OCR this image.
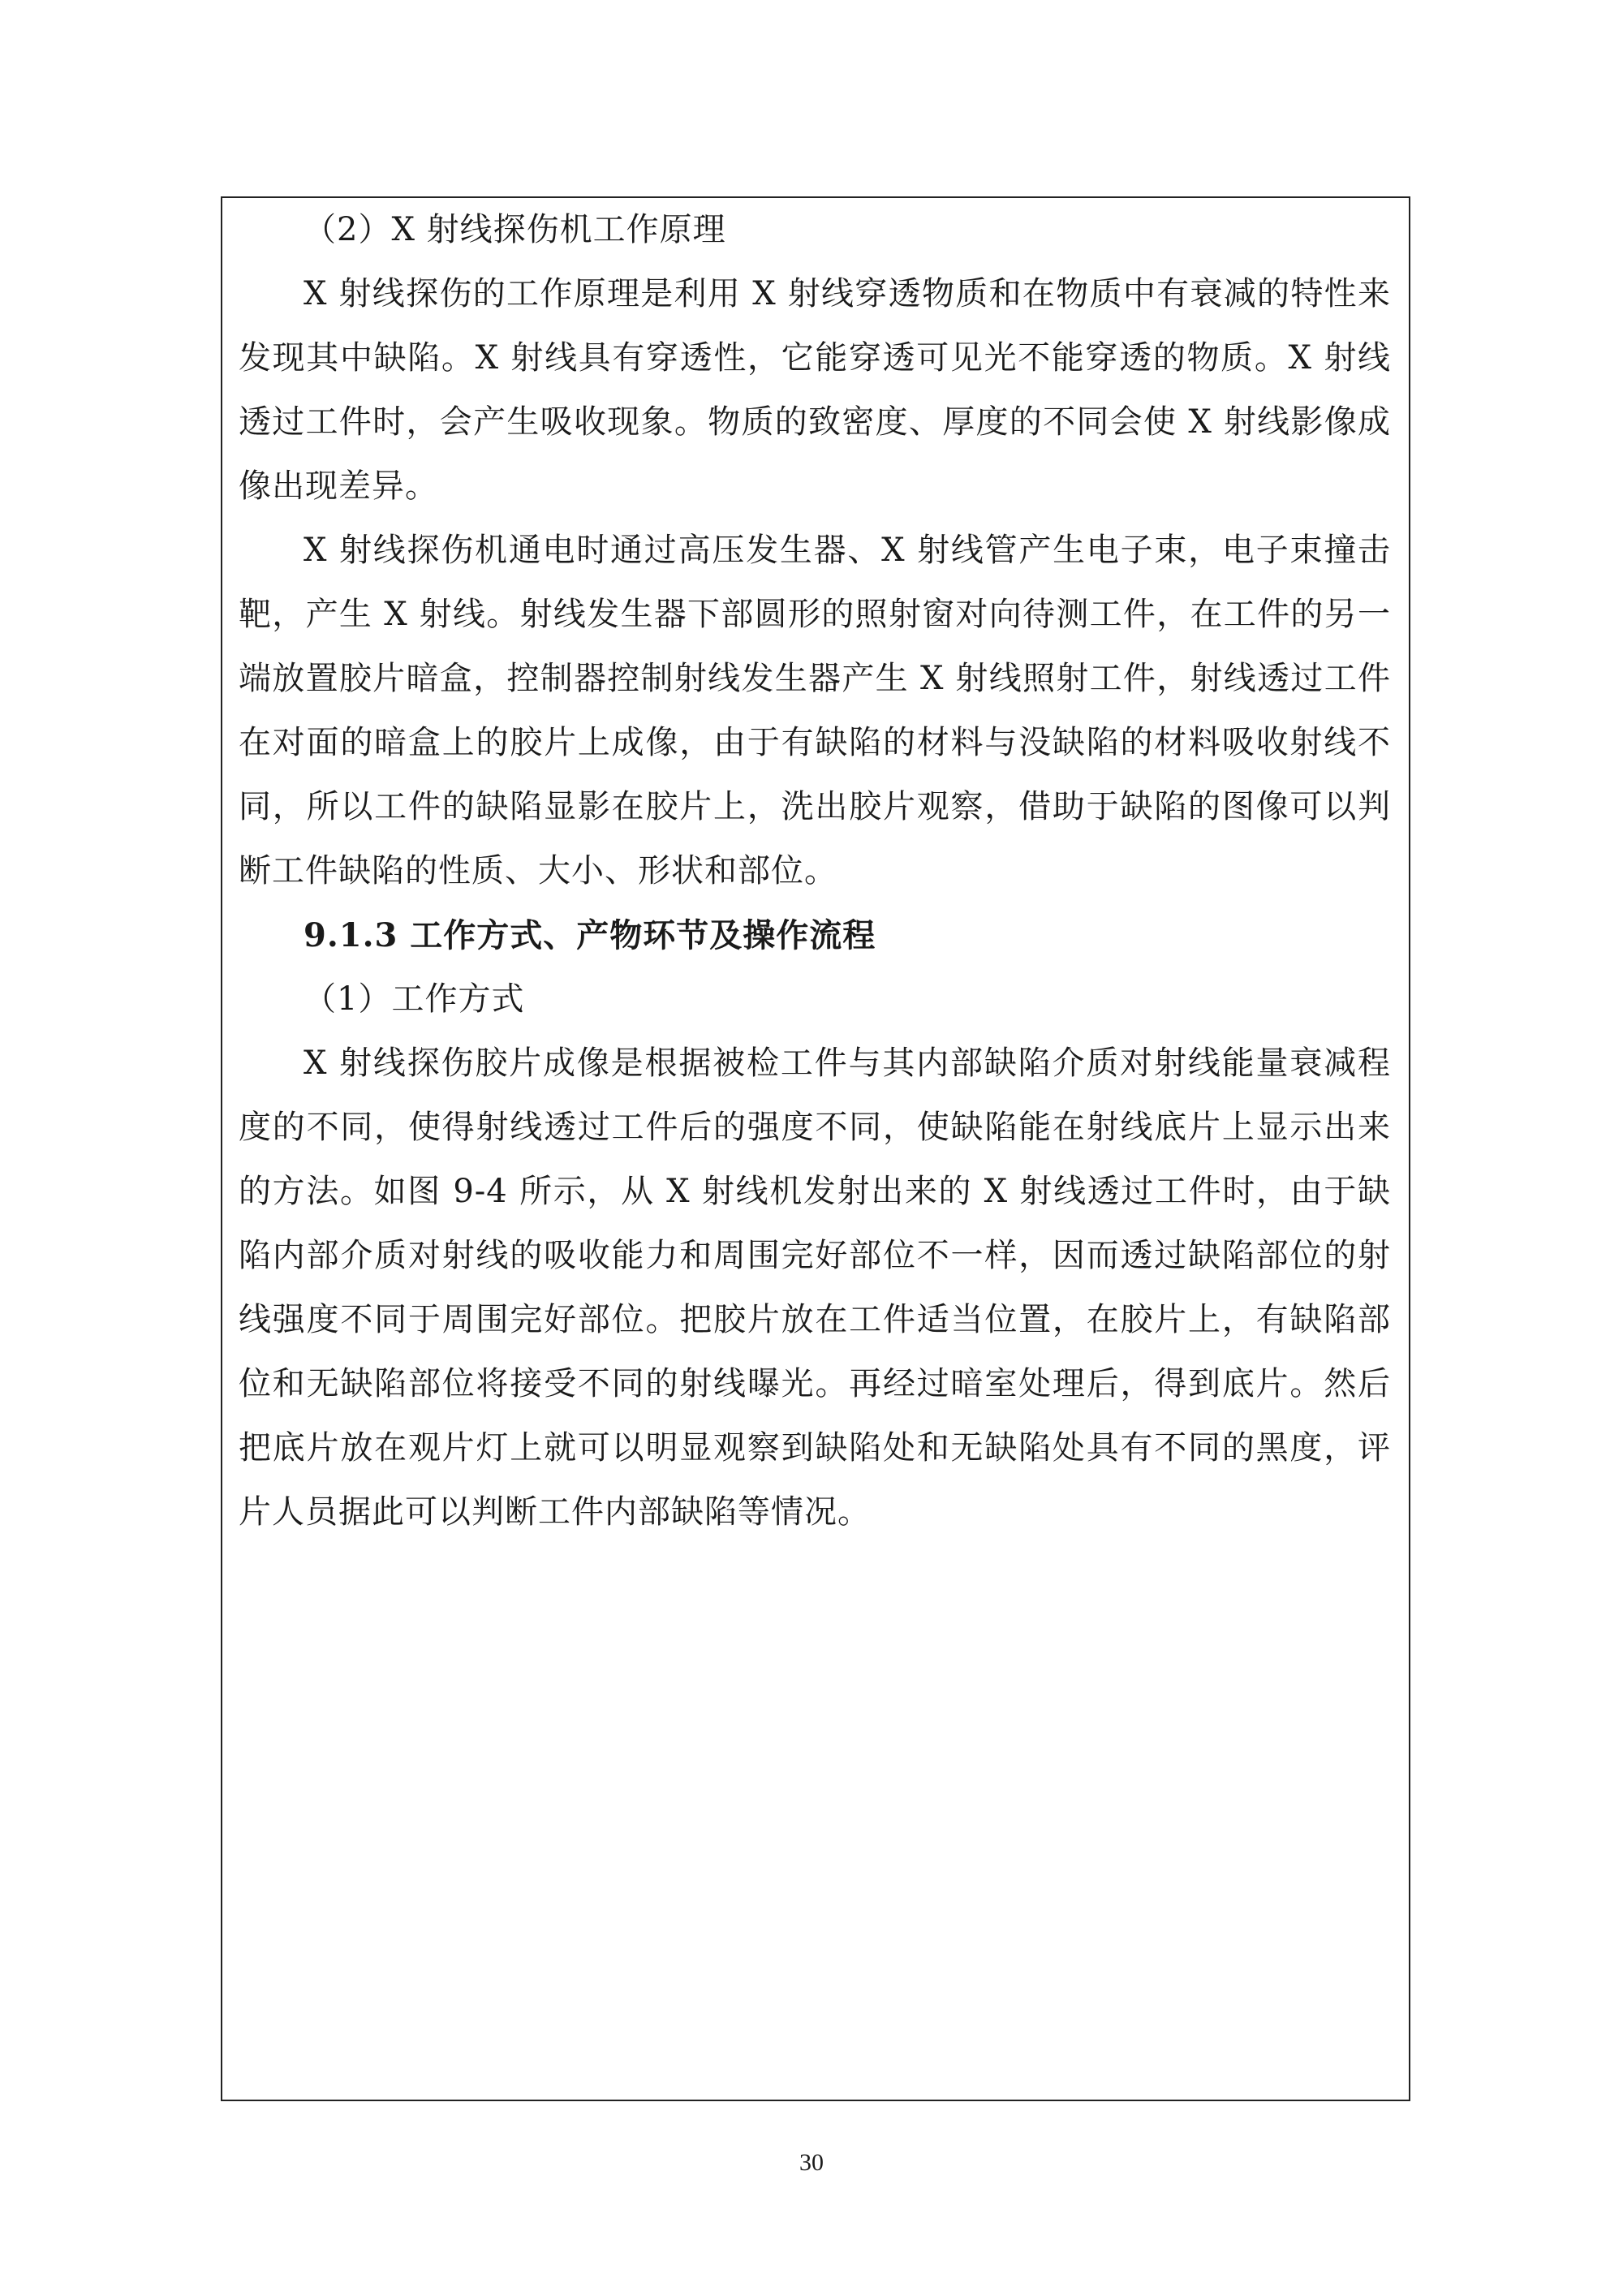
（2）X 射线探伤机工作原理

X 射线探伤的工作原理是利用 X 射线穿透物质和在物质中有衰减的特性来发现其中缺陷。X 射线具有穿透性，它能穿透可见光不能穿透的物质。X 射线透过工件时，会产生吸收现象。物质的致密度、厚度的不同会使 X 射线影像成像出现差异。

X 射线探伤机通电时通过高压发生器、X 射线管产生电子束，电子束撞击靶，产生 X 射线。射线发生器下部圆形的照射窗对向待测工件，在工件的另一端放置胶片暗盒，控制器控制射线发生器产生 X 射线照射工件，射线透过工件在对面的暗盒上的胶片上成像，由于有缺陷的材料与没缺陷的材料吸收射线不同，所以工件的缺陷显影在胶片上，洗出胶片观察，借助于缺陷的图像可以判断工件缺陷的性质、大小、形状和部位。

9.1.3 工作方式、产物环节及操作流程

（1）工作方式

X 射线探伤胶片成像是根据被检工件与其内部缺陷介质对射线能量衰减程度的不同，使得射线透过工件后的强度不同，使缺陷能在射线底片上显示出来的方法。如图 9-4 所示，从 X 射线机发射出来的 X 射线透过工件时，由于缺陷内部介质对射线的吸收能力和周围完好部位不一样，因而透过缺陷部位的射线强度不同于周围完好部位。把胶片放在工件适当位置，在胶片上，有缺陷部位和无缺陷部位将接受不同的射线曝光。再经过暗室处理后，得到底片。然后把底片放在观片灯上就可以明显观察到缺陷处和无缺陷处具有不同的黑度，评片人员据此可以判断工件内部缺陷等情况。

30
